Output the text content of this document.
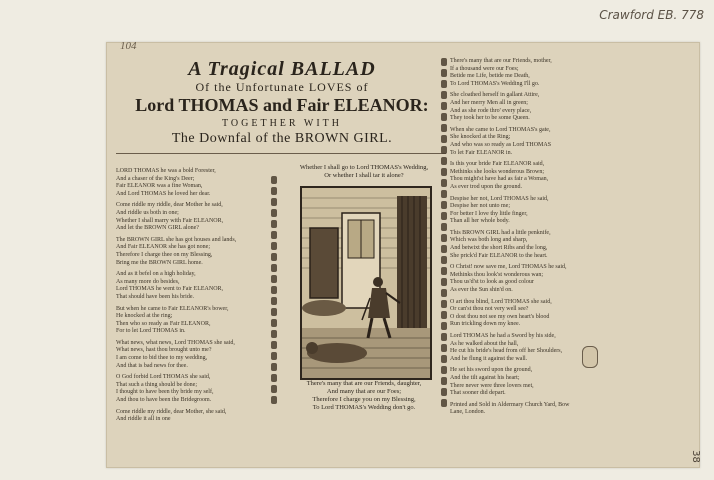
Crawford EB. 778
104
A Tragical BALLAD
Of the Unfortunate LOVES of
Lord THOMAS and Fair ELEANOR:
TOGETHER WITH
The Downfal of the BROWN GIRL.
LORD THOMAS he was a bold Forester,
And a chaser of the King's Deer;
Fair ELEANOR was a fine Woman,
And Lord THOMAS he loved her dear.
Come riddle my riddle, dear Mother he said,
And riddle us both in one;
Whether I shall marry with Fair ELEANOR,
And let the BROWN GIRL alone?
The BROWN GIRL she has got houses and lands,
And Fair ELEANOR she has got none;
Therefore I charge thee on my Blessing,
Bring me the BROWN GIRL home.
And as it befel on a high holiday,
As many more do besides,
Lord THOMAS he went to Fair ELEANOR,
That should have been his bride.
But when he came to Fair ELEANOR's bower,
He knocked at the ring;
Then who so ready as Fair ELEANOR,
For to let Lord THOMAS in.
What news, what news, Lord THOMAS she said,
What news, hast thou brought unto me?
I am come to bid thee to my wedding,
And that is bad news for thee.
O God forbid Lord THOMAS she said,
That such a thing should be done;
I thought to have been thy bride my self,
And thou to have been the Bridegroom.
Come riddle my riddle, dear Mother, she said,
And riddle it all in one
Whether I shall go to Lord THOMAS's Wedding,
Or whether I shall tar it alone?
There's many that are our Friends, daughter,
And many that are our Foes;
Therefore I charge you on my Blessing,
To Lord THOMAS's Wedding don't go.
There's many that are our Friends, mother,
If a thousand were our Foes;
Betide me Life, betide me Death,
To Lord THOMAS's Wedding I'll go.
She cloathed herself in gallant Attire,
And her merry Men all in green;
And as she rode thro' every place,
They took her to be some Queen.
When she came to Lord THOMAS's gate,
She knocked at the Ring;
And who was so ready as Lord THOMAS
To let Fair ELEANOR in.
Is this your bride Fair ELEANOR said,
Methinks she looks wonderous Brown;
Thou might'st have had as fair a Woman,
As ever trod upon the ground.
Despise her not, Lord THOMAS he said,
Despise her not unto me;
For better I love thy little finger,
Than all her whole body.
This BROWN GIRL had a little penknife,
Which was both long and sharp,
And betwixt the short Ribs and the long,
She prick'd Fair ELEANOR to the heart.
O Christ! now save me, Lord THOMAS he said,
Methinks thou look'st wonderous wan;
Thou us'd'st to look as good colour
As ever the Sun shin'd on.
O art thou blind, Lord THOMAS she said,
Or can'st thou not very well see?
O dost thou not see my own heart's blood
Run trickling down my knee.
Lord THOMAS he had a Sword by his side,
As he walked about the hall,
He cut his bride's head from off her Shoulders,
And he flung it against the wall.
He set his sword upon the ground,
And the tilt against his heart;
There never were three lovers met,
That sooner did depart.
Printed and Sold in Aldermary Church Yard, Bow
Lane, London.
38
